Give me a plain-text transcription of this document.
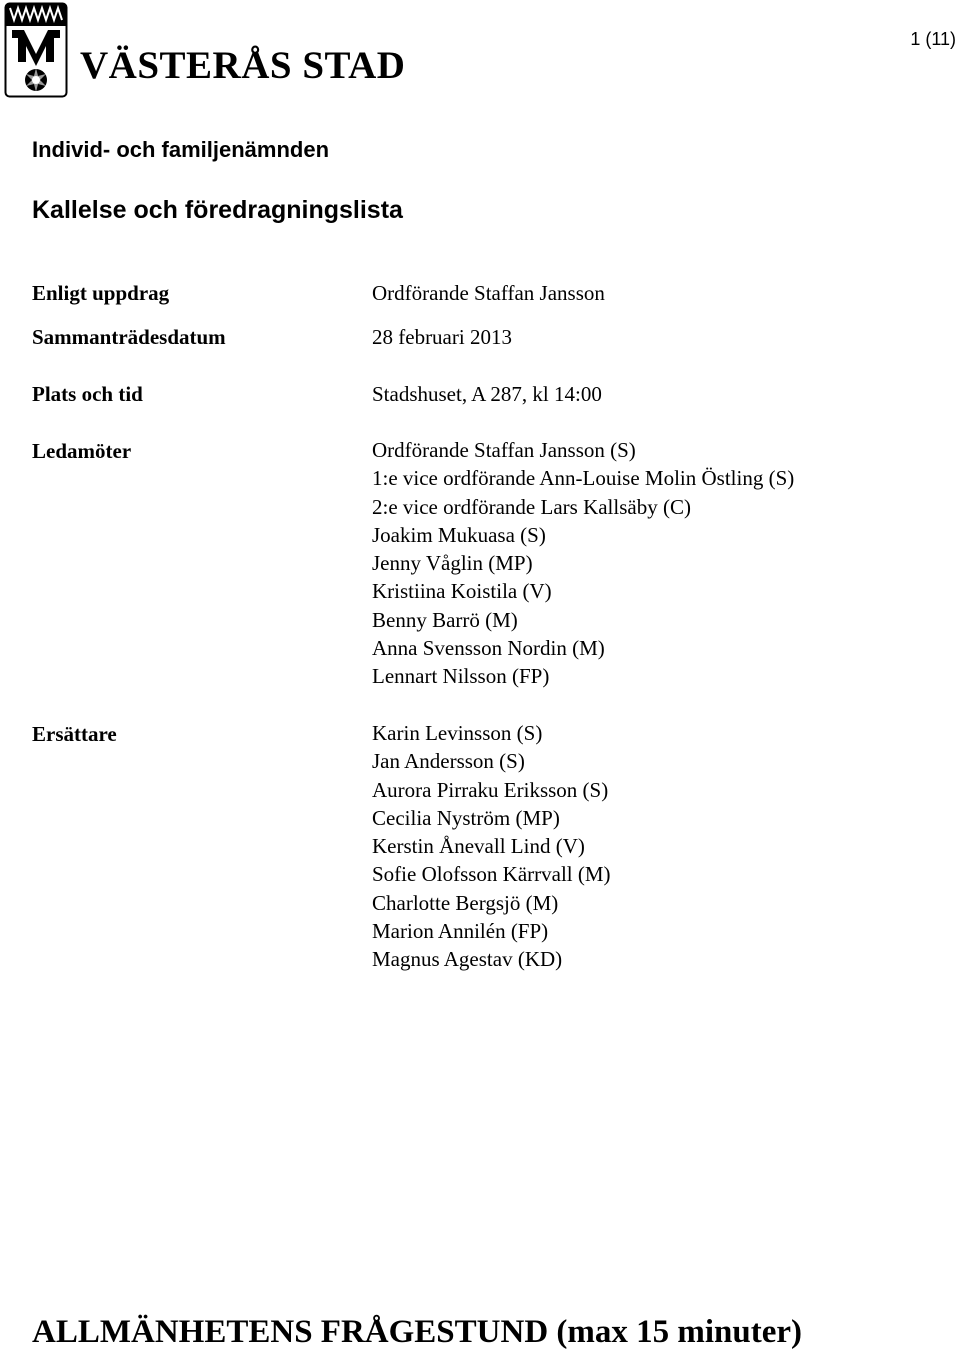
VÄSTERÅS STAD
1 (11)
Individ- och familjenämnden
Kallelse och föredragningslista
Enligt uppdrag	Ordförande Staffan Jansson
Sammanträdesdatum	28 februari 2013
Plats och tid	Stadshuset, A 287, kl 14:00
Ledamöter	Ordförande Staffan Jansson (S)
1:e vice ordförande Ann-Louise Molin Östling (S)
2:e vice ordförande Lars Kallsäby (C)
Joakim Mukuasa (S)
Jenny Våglin (MP)
Kristiina Koistila (V)
Benny Barrö (M)
Anna Svensson Nordin (M)
Lennart Nilsson (FP)
Ersättare	Karin Levinsson (S)
Jan Andersson (S)
Aurora Pirraku Eriksson (S)
Cecilia Nyström (MP)
Kerstin Ånevall Lind (V)
Sofie Olofsson Kärrvall (M)
Charlotte Bergsjö (M)
Marion Annilén (FP)
Magnus Agestav (KD)
ALLMÄNHETENS FRÅGESTUND (max 15 minuter)
